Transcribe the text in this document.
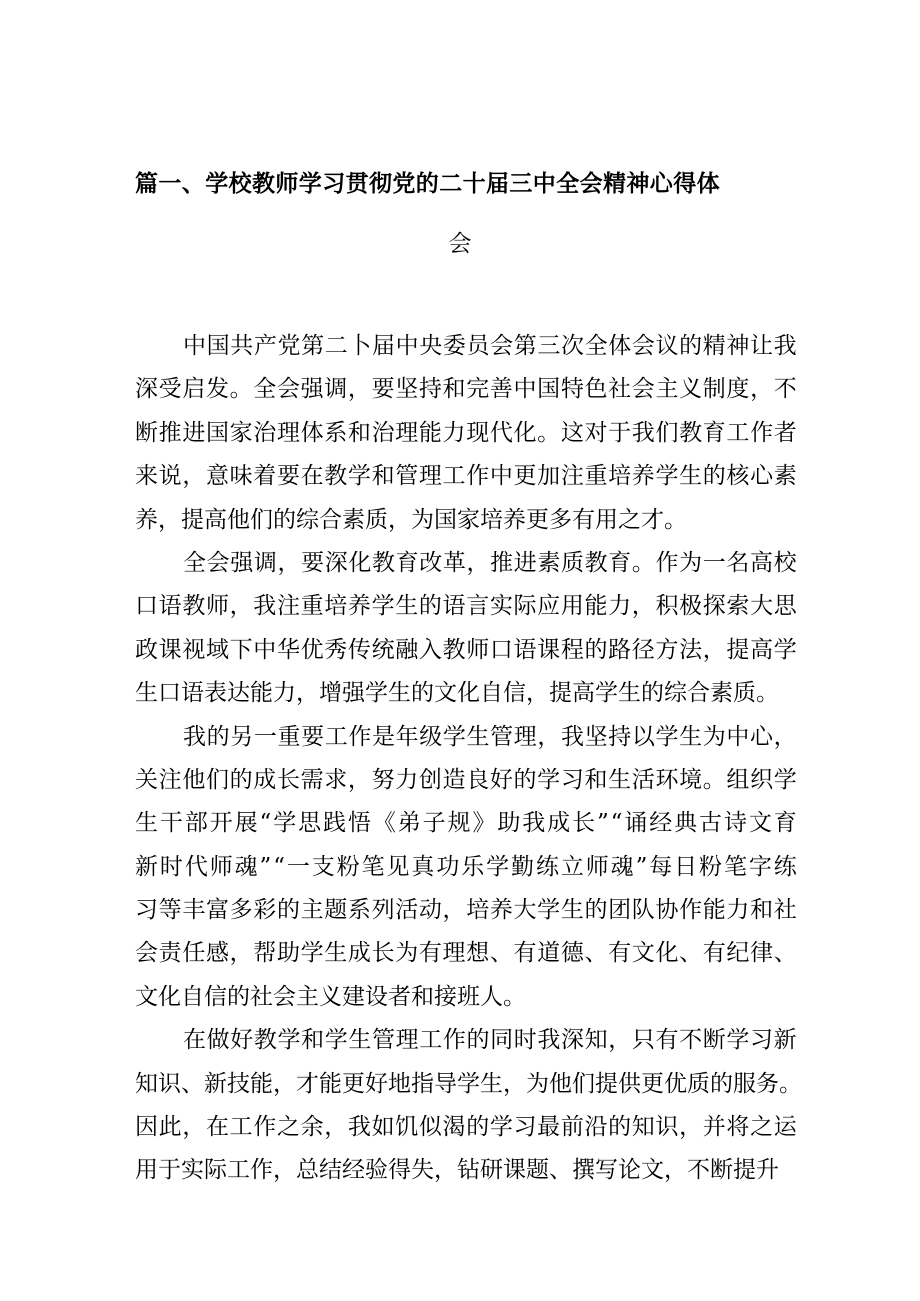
篇一、学校教师学习贯彻党的二十届三中全会精神心得体
会
中 国 共 产 党 第 二 卜 届 中 央 委 员 会 第 三 次 全 体 会 议 的 精 神 让 我
深 受 启 发 。 全 会 强 调 ， 要 坚 持 和 完 善 中 国 特 色 社 会 主 义 制 度 ， 不
断 推 进 国 家 治 理 体 系 和 治 理 能 力 现 代 化 。 这 对 于 我 们 教 育 工 作 者
来 说 ， 意 味 着 要 在 教 学 和 管 理 工 作 中 更 加 注 重 培 养 学 生 的 核 心 素
养，提高他们的综合素质，为国家培养更多有用之才。
全 会 强 调 ， 要 深 化 教 育 改 革 ， 推 进 素 质 教 育 。 作 为 一 名 高 校
口 语 教 师 ， 我 注 重 培 养 学 生 的 语 言 实 际 应 用 能 力 ， 积 极 探 索 大 思
政 课 视 域 下 中 华 优 秀 传 统 融 入 教 师 口 语 课 程 的 路 径 方 法 ， 提 高 学
生口语表达能力，增强学生的文化自信，提高学生的综合素质。
我 的 另 一 重 要 工 作 是 年 级 学 生 管 理 ， 我 坚 持 以 学 生 为 中 心 ，
关 注 他 们 的 成 长 需 求 ， 努 力 创 造 良 好 的 学 习 和 生 活 环 境 。 组 织 学
生 干 部 开 展 “ 学 思 践 悟 《 弟 子 规 》 助 我 成 长 ” “ 诵 经 典 古 诗 文 育
新 时 代 师 魂 ” “ 一 支 粉 笔 见 真 功 乐 学 勤 练 立 师 魂 ” 每 日 粉 笔 字 练
习 等 丰 富 多 彩 的 主 题 系 列 活 动 ， 培 养 大 学 生 的 团 队 协 作 能 力 和 社
会 责 任 感 ， 帮 助 学 生 成 长 为 有 理 想 、 有 道 德 、 有 文 化 、 有 纪 律 、
文化自信的社会主义建设者和接班人。
在 做 好 教 学 和 学 生 管 理 工 作 的 同 时 我 深 知 ， 只 有 不 断 学 习 新
知 识 、 新 技 能 ， 才 能 更 好 地 指 导 学 生 ， 为 他 们 提 供 更 优 质 的 服 务 。
因 此 ， 在 工 作 之 余 ， 我 如 饥 似 渴 的 学 习 最 前 沿 的 知 识 ， 并 将 之 运
用于实际工作，总结经验得失，钻研课题、撰写论文，不断提升
